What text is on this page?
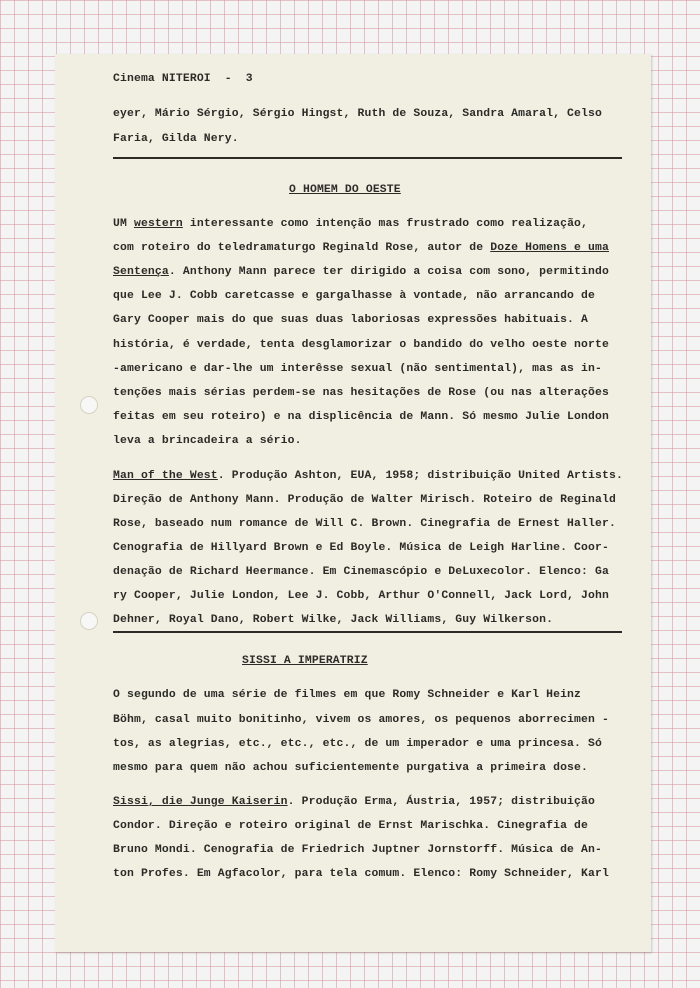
Cinema NITEROI  -  3
eyer, Mário Sérgio, Sérgio Hingst, Ruth de Souza, Sandra Amaral, Celso
Faria, Gilda Nery.
O HOMEM DO OESTE
UM western interessante como intenção mas frustrado como realização,
com roteiro do teledramaturgo Reginald Rose, autor de Doze Homens e uma
Sentença. Anthony Mann parece ter dirigido a coisa com sono, permitindo
que Lee J. Cobb caretcasse e gargalhasse à vontade, não arrancando de
Gary Cooper mais do que suas duas laboriosas expressões habituais. A
história, é verdade, tenta desglamorizar o bandido do velho oeste norte
-americano e dar-lhe um interêsse sexual (não sentimental), mas as in-
tenções mais sérias perdem-se nas hesitações de Rose (ou nas alterações
feitas em seu roteiro) e na displicência de Mann. Só mesmo Julie London
leva a brincadeira a sério.
Man of the West. Produção Ashton, EUA, 1958; distribuição United Artists.
Direção de Anthony Mann. Produção de Walter Mirisch. Roteiro de Reginald
Rose, baseado num romance de Will C. Brown. Cinegrafia de Ernest Haller.
Cenografia de Hillyard Brown e Ed Boyle. Música de Leigh Harline. Coor-
denação de Richard Heermance. Em Cinemascópio e DeLuxecolor. Elenco: Ga
ry Cooper, Julie London, Lee J. Cobb, Arthur O'Connell, Jack Lord, John
Dehner, Royal Dano, Robert Wilke, Jack Williams, Guy Wilkerson.
SISSI A IMPERATRIZ
O segundo de uma série de filmes em que Romy Schneider e Karl Heinz
Böhm, casal muito bonitinho, vivem os amores, os pequenos aborrecimen -
tos, as alegrias, etc., etc., etc., de um imperador e uma princesa. Só
mesmo para quem não achou suficientemente purgativa a primeira dose.
Sissi, die Junge Kaiserin. Produção Erma, Áustria, 1957; distribuição
Condor. Direção e roteiro original de Ernst Marischka. Cinegrafia de
Bruno Mondi. Cenografia de Friedrich Juptner Jornstorff. Música de An-
ton Profes. Em Agfacolor, para tela comum. Elenco: Romy Schneider, Karl
